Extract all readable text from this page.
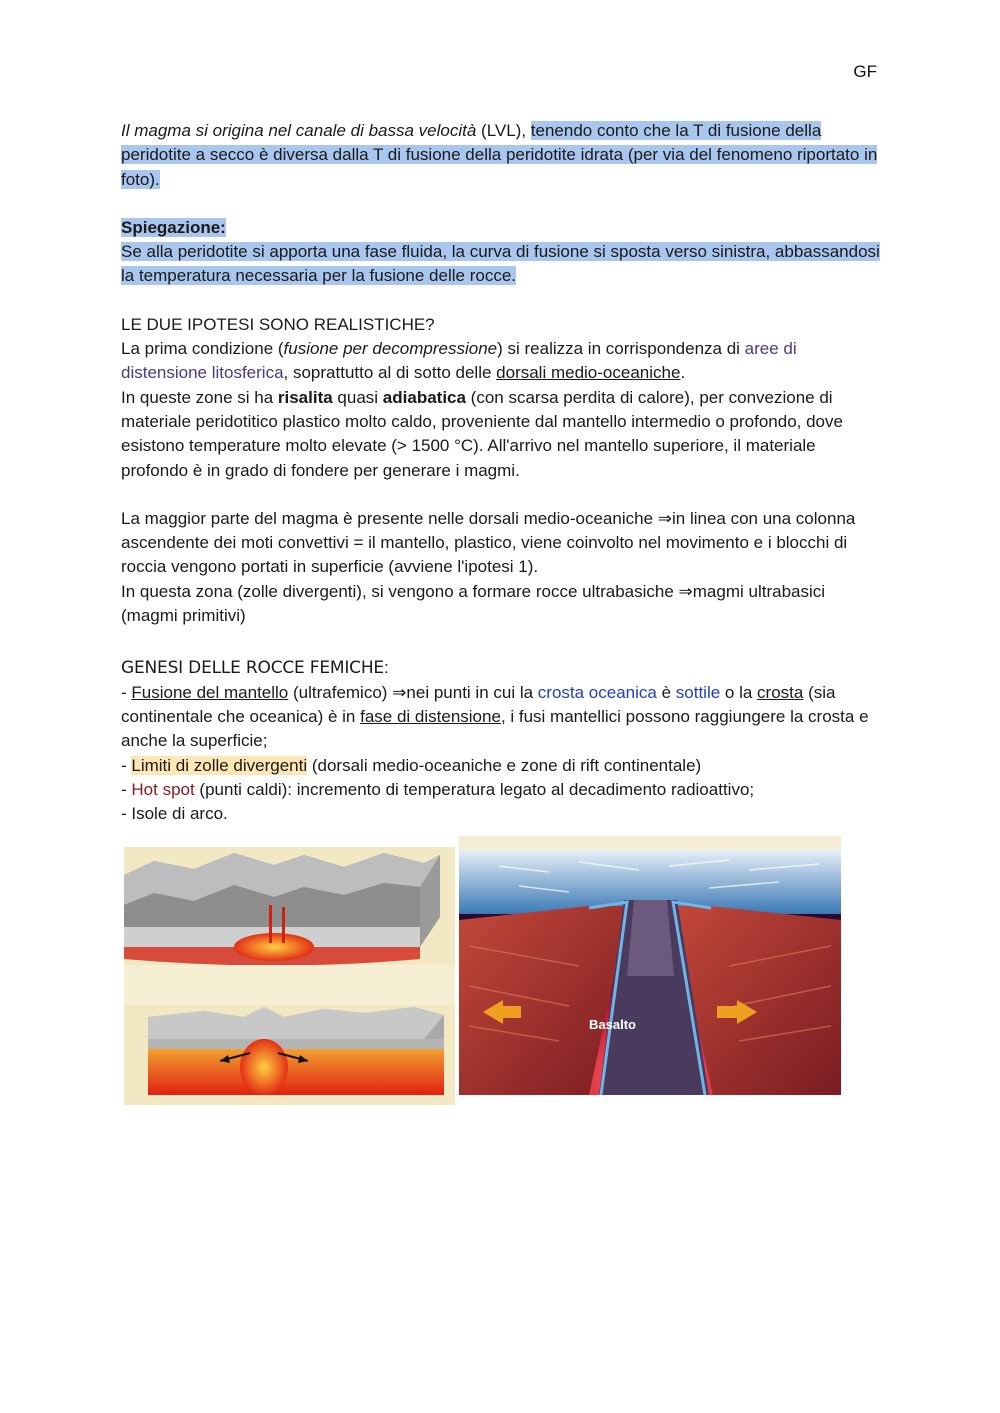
GF

Il magma si origina nel canale di bassa velocità (LVL), tenendo conto che la T di fusione della peridotite a secco è diversa dalla T di fusione della peridotite idrata (per via del fenomeno riportato in foto).

Spiegazione:

Se alla peridotite si apporta una fase fluida, la curva di fusione si sposta verso sinistra, abbassandosi la temperatura necessaria per la fusione delle rocce.

LE DUE IPOTESI SONO REALISTICHE?

La prima condizione (fusione per decompressione) si realizza in corrispondenza di aree di distensione litosferica, soprattutto al di sotto delle dorsali medio-oceaniche.

In queste zone si ha risalita quasi adiabatica (con scarsa perdita di calore), per convezione di materiale peridotitico plastico molto caldo, proveniente dal mantello intermedio o profondo, dove esistono temperature molto elevate (> 1500 °C). All'arrivo nel mantello superiore, il materiale profondo è in grado di fondere per generare i magmi.

La maggior parte del magma è presente nelle dorsali medio-oceaniche ⇒in linea con una colonna ascendente dei moti convettivi = il mantello, plastico, viene coinvolto nel movimento e i blocchi di roccia vengono portati in superficie (avviene l'ipotesi 1).

In questa zona (zolle divergenti), si vengono a formare rocce ultrabasiche ⇒magmi ultrabasici (magmi primitivi)

GENESI DELLE ROCCE FEMICHE:

- Fusione del mantello (ultrafemico) ⇒nei punti in cui la crosta oceanica è sottile o la crosta (sia continentale che oceanica) è in fase di distensione, i fusi mantellici possono raggiungere la crosta e anche la superficie;

- Limiti di zolle divergenti (dorsali medio-oceaniche e zone di rift continentale)

- Hot spot (punti caldi): incremento di temperatura legato al decadimento radioattivo;

- Isole di arco.

Basalto
